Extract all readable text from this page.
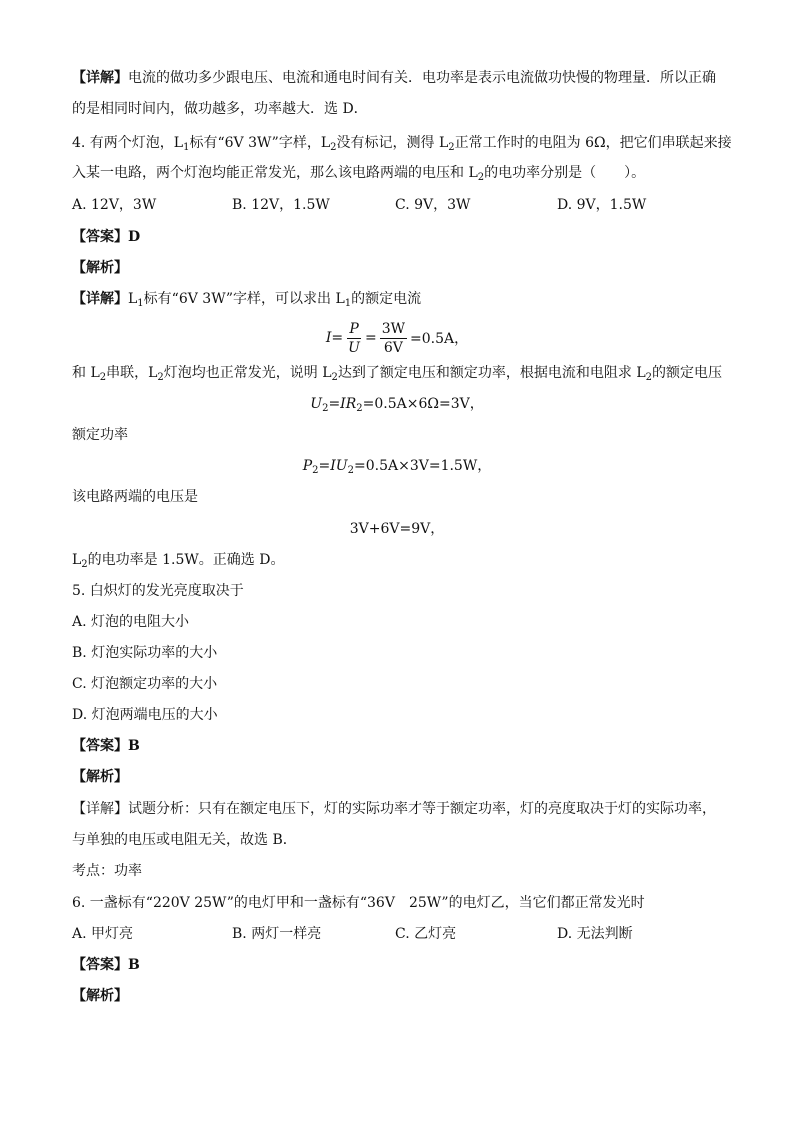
【详解】电流的做功多少跟电压、电流和通电时间有关．电功率是表示电流做功快慢的物理量．所以正确
的是相同时间内，做功越多，功率越大．选 D．
4. 有两个灯泡，$L_1$标有“6V 3W”字样，$L_2$没有标记，测得 $L_2$正常工作时的电阻为 6Ω，把它们串联起来接
入某一电路，两个灯泡均能正常发光，那么该电路两端的电压和 $L_2$的电功率分别是（　　）。
A. 12V，3W	B. 12V，1.5W	C. 9V，3W	D. 9V，1.5W
【答案】D
【解析】
【详解】$L_1$标有“6V 3W”字样，可以求出 $L_1$的额定电流
$I= \frac{P}{U} = \frac{3W}{6V} =0.5A$，
和 $L_2$串联，$L_2$灯泡均也正常发光，说明 $L_2$达到了额定电压和额定功率，根据电流和电阻求 $L_2$的额定电压
$U_2=IR_2=0.5A\times 6\Omega=3V$，
额定功率
$P_2=IU_2=0.5A\times 3V=1.5W$，
该电路两端的电压是
3V+6V=9V，
$L_2$的电功率是 1.5W。正确选 D。
5. 白炽灯的发光亮度取决于
A. 灯泡的电阻大小
B. 灯泡实际功率的大小
C. 灯泡额定功率的大小
D. 灯泡两端电压的大小
【答案】B
【解析】
【详解】试题分析：只有在额定电压下，灯的实际功率才等于额定功率，灯的亮度取决于灯的实际功率，
与单独的电压或电阻无关，故选 B．
考点：功率
6. 一盏标有“220V 25W”的电灯甲和一盏标有“36V　25W”的电灯乙，当它们都正常发光时
A. 甲灯亮	B. 两灯一样亮	C. 乙灯亮	D. 无法判断
【答案】B
【解析】
